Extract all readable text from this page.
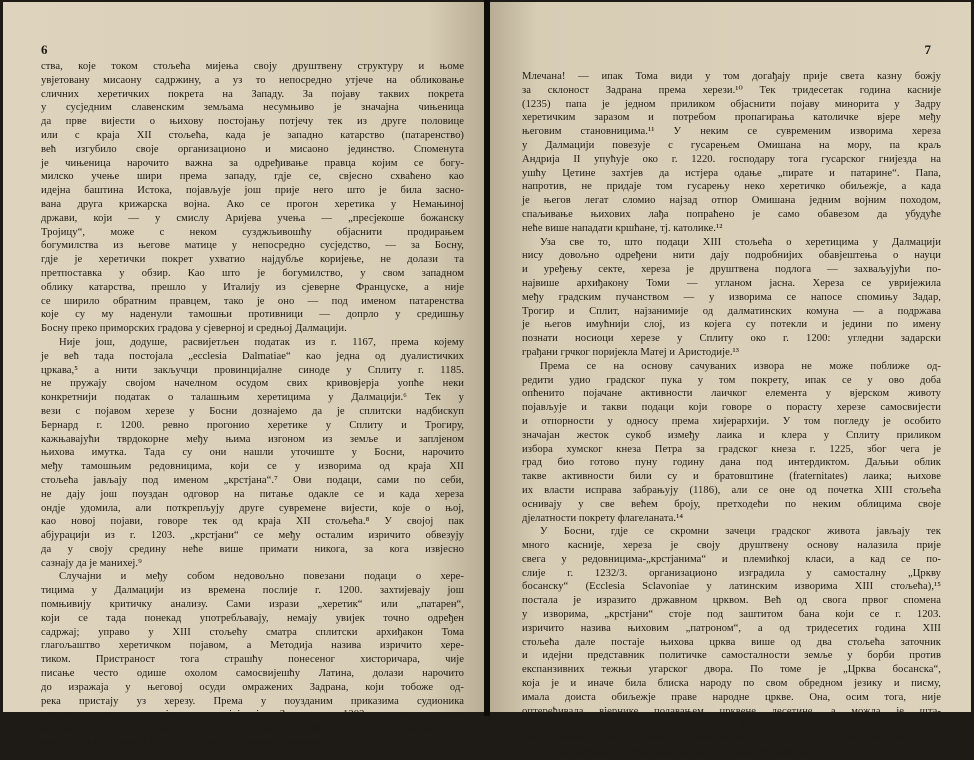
6
ства, које током стољећа мијења своју друштвену структуру и њоме
увјетовану мисаону садржину, а уз то непосредно утјече на обликовање
сличних херетичких покрета на Западу. За појаву таквих покрета
у сусједним славенским земљама несумњиво је значајна чињеница
да прве вијести о њихову постојању потјечу тек из друге половице
или с краја XII стољећа, када је западно катарство (патаренство)
већ изгубило своје организационо и мисаоно јединство. Споменута
је чињеница нарочито важна за одређивање правца којим се богу-
милско учење шири према западу, гдје се, свјесно схваћено као
идејна баштина Истока, појављује још прије него што је била засно-
вана друга крижарска војна. Ако се прогон херетика у Немањиној
држави, који — у смислу Аријева учења — „пресјекоше божанску
Тројицу“, може с неком сузджљивошћу објаснити продирањем
богумилства из његове матице у непосредно сусједство, — за Босну,
гдје је херетички покрет ухватио најдубље коријење, не долази та
претпоставка у обзир. Као што је богумилство, у свом западном
облику катарства, прешло у Италију из сјеверне Француске, а није
се ширило обратним правцем, тако је оно — под именом патаренства
које су му наденули тамошњи противници — допрло у средишњу
Босну преко приморских градова у сјеверној и средњој Далмацији.
Није још, додуше, расвијетљен податак из г. 1167, према којему
је већ тада постојала „ecclesia Dalmatiae“ као једна од дуалистичких
цркава,⁵ а нити закључци провинцијалне синоде у Сплиту г. 1185.
не пружају својом начелном осудом свих кривовјерја уопће неки
конкретнији податак о талашњим херетицима у Далмацији.⁶ Тек у
вези с појавом херезе у Босни дознајемо да је сплитски надбискуп
Бернард г. 1200. ревно прогонио херетике у Сплиту и Трогиру,
кажњавајући тврдокорне међу њима изгоном из земље и заплјеном
њихова имутка. Тада су они нашли уточиште у Босни, нарочито
међу тамошњим редовницима, који се у изворима од краја XII
стољећа јављају под именом „крстјана“.⁷ Ови подаци, сами по себи,
не дају још поуздан одговор на питање одакле се и када хереза
ондје удомила, али поткрепљују друге сувремене вијести, које о њој,
као новој појави, говоре тек од краја XII стољећа.⁸ У својој пак
абјурацији из г. 1203. „крстјани“ се међу осталим изричито обвезују
да у своју средину неће више примати никога, за кога извјесно
сазнају да је манихеј.⁹
Случајни и међу собом недовољно повезани подаци о хере-
тицима у Далмацији из времена послије г. 1200. захтијевају још
помњивију критичку анализу. Сами изрази „херетик“ или „патарен“,
који се тада понекад употребљавају, немају увијек точно одређен
садржај; управо у XIII стољећу сматра сплитски архиђакон Тома
глагољаштво херетичком појавом, а Методија назива изричито хере-
тиком. Пристраност тога страшћу понесеног хисторичара, чије
писање често одише охолом самосвијешћу Латина, долази нарочито
до изражаја у његовој осуди омражених Задрана, који тобоже од-
река пристају уз херезу. Према у поузданим приказима судионика
четврте крижарске војне, у којој је Задар г. 1202. постао жртвом
млетачке уцјене, нема алузије на неку херезу његових грађана —
како јак би то аргумент био за оправдање насилничке политике
7
Млечана! — ипак Тома види у том догађају прије света казну божју
за склоност Задрана према херези.¹⁰ Тек тридесетак година касније
(1235) папа је једном приликом објаснити појаву минорита у Задру
херетичким заразом и потребом пропагирања католичке вјере међу
његовим становницима.¹¹ У неким се сувременим изворима хереза
у Далмацији повезује с гусарењем Омишана на мору, па краљ
Андрија II упућује око г. 1220. господару тога гусарског гнијезда на
ушћу Цетине захтјев да истјера одање „пирате и патарине“. Папа,
напротив, не придаје том гусарењу неко херетичко обиљежје, а када
је његов легат сломио најзад отпор Омишана једним војним походом,
спаљивање њихових лађа попраћено је само обавезом да убудуће
неће више нападати кршћане, тј. католике.¹²
Уза све то, што подаци XIII стољећа о херетицима у Далмацији
нису довољно одређени нити дају подробнијих обавјештења о науци
и уређењу секте, хереза је друштвена подлога — захваљујући по-
највише архиђакону Томи — угланом јасна. Хереза се увријежила
међу градским пучанством — у изворима се напосе спомињу Задар,
Трогир и Сплит, најзанимије од далматинских комуна — а подржава
је његов имућнији слој, из којега су потекли и једини по имену
познати носиоци херезе у Сплиту око г. 1200: угледни задарски
грађани грчког поријекла Матеј и Аристодије.¹³
Према се на основу сачуваних извора не може поближе од-
редити удио градског пука у том покрету, ипак се у ово доба
опћенито појачане активности лаичког елемента у вјерском животу
појављује и такви подаци који говоре о порасту херезе самосвијести
и отпорности у односу према хијерархији. У том погледу је особито
значајан жесток сукоб између лаика и клера у Сплиту приликом
избора хумског кнеза Петра за градског кнеза г. 1225, због чега је
град био готово пуну годину дана под интердиктом. Даљњи облик
такве активности били су и братовштине (fraternitates) лаика; њихове
их власти исправа забрањују (1186), али се оне од почетка XIII стољећа
оснивају у све већем броју, претходећи по неким облицима својe
дјелатности покрету флагеланата.¹⁴
У Босни, гдје се скромни зачеци градског живота јављају тек
много касније, хереза је своју друштвену основу налазила прије
свега у редовницима-„крстјанима“ и племићкој класи, а кад се по-
слије г. 1232/3. организационо изградила у самосталну „Цркву
босанску“ (Ecclesia Sclavoniae у латинским изворима XIII стољећа),¹⁵
постала је изразито државном црквом. Већ од свога првог спомена
у изворима, „крстјани“ стоје под заштитом бана који се г. 1203.
изричито назива њиховим „патроном“, а од тридесетих година XIII
стољећа дале постаје њихова црква више од два стољећа заточник
и идејни представник политичке самосталности земље у борби против
експанзивних тежњи угарског двора. По томе је „Црква босанска“,
која је и иначе била блиска народу по свом обредном језику и писму,
имала доиста обиљежје праве народне цркве. Она, осим тога, није
оптерећивала вјернике подавањем црквене десетине, а можда је шта-
више — према једном мишљењу које још подлијеже дискусији —
била такођер без великога земљишног посједа. Уза све то била је
најтјешње повезана с феудалном класом, преузимајући јамство за
